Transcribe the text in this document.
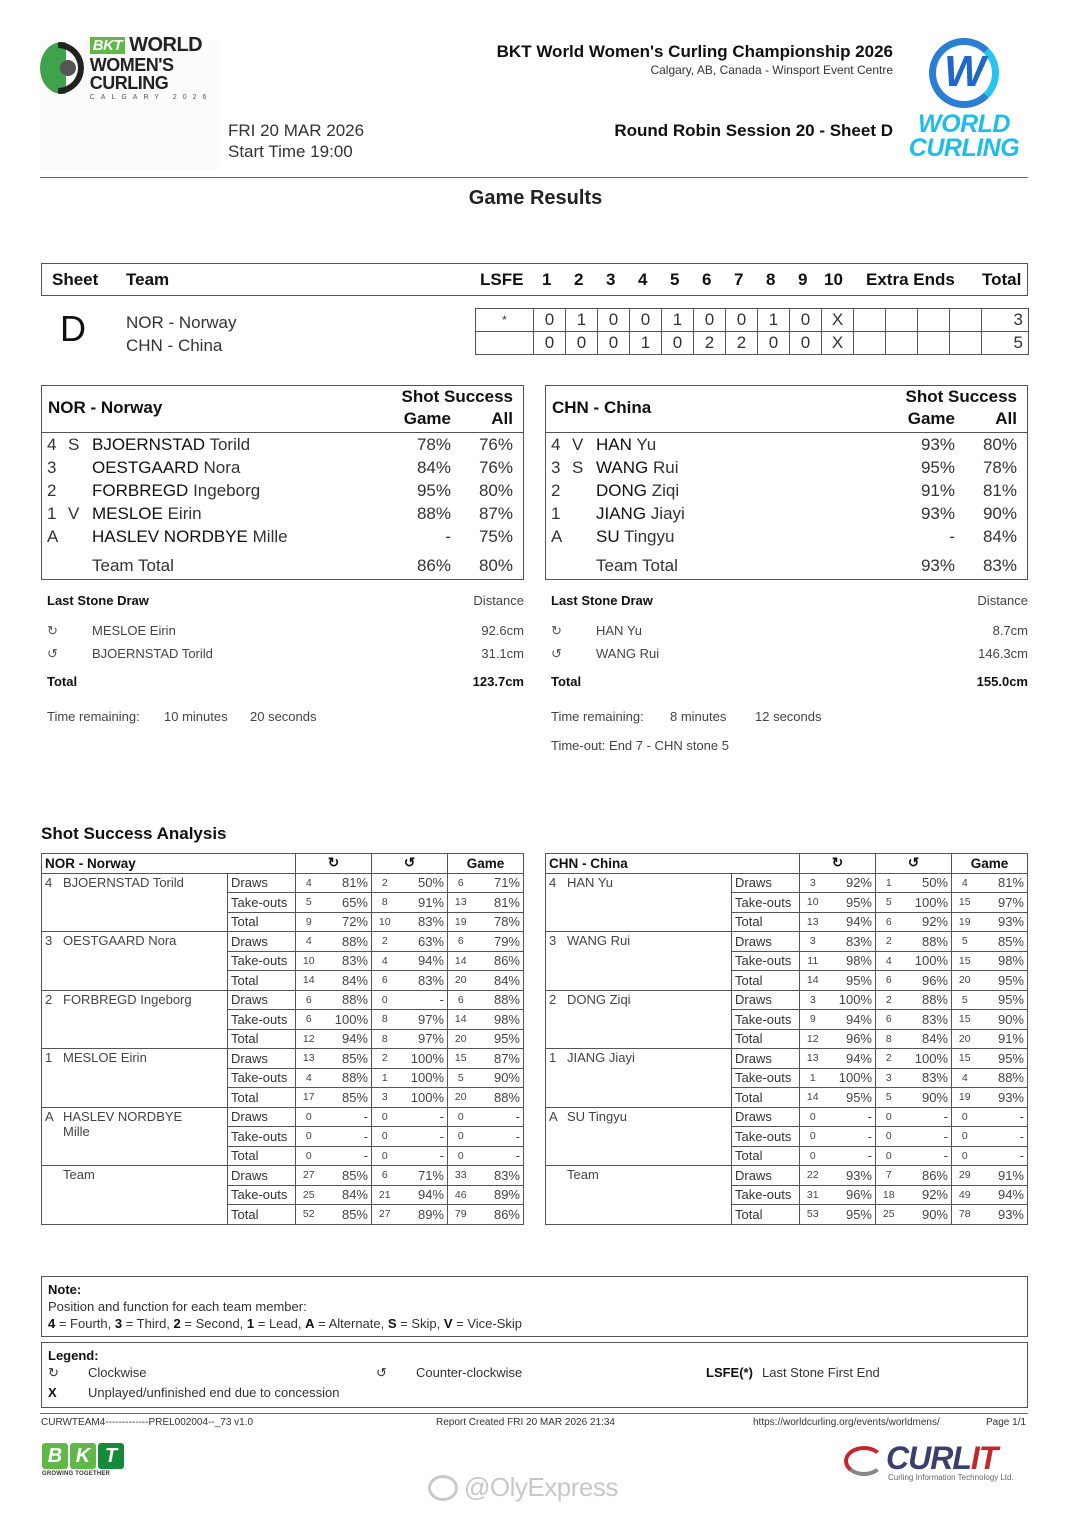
BKT WORLD
WOMEN'S CURLING
CALGARY 2026
FRI 20 MAR 2026
Start Time 19:00
BKT World Women's Curling Championship 2026
Calgary, AB, Canada - Winsport Event Centre
Round Robin Session 20 - Sheet D
W WORLD
CURLING
Game Results
Sheet Team	LSFE 1 2 3 4 5 6 7 8 9 10 Extra Ends Total
D NOR - Norway
CHN - China
*	0	1	0	0	1	0	0	1	0	X					3
	0	0	0	1	0	2	2	0	0	X					5
NOR - Norway
Shot Success
Game All
4 S BJOERNSTAD Torild	78% 76%
3 OESTGAARD Nora	84% 76%
2 FORBREGD Ingeborg	95% 80%
1 V MESLOE Eirin	88% 87%
A HASLEV NORDBYE Mille	- 75%
Team Total	86% 80%
Last Stone Draw	Distance
↻	MESLOE Eirin	92.6cm
↺	BJOERNSTAD Torild	31.1cm
Total	123.7cm
Time remaining: 10 minutes 20 seconds
CHN - China
Shot Success
Game All
4 V HAN Yu	93% 80%
3 S WANG Rui	95% 78%
2 DONG Ziqi	91% 81%
1 JIANG Jiayi	93% 90%
A SU Tingyu	- 84%
Team Total	93% 83%
Last Stone Draw	Distance
↻	HAN Yu	8.7cm
↺	WANG Rui	146.3cm
Total	155.0cm
Time remaining: 8 minutes 12 seconds
Time-out: End 7 - CHN stone 5
Shot Success Analysis
NOR - Norway		↻		↺		Game	
4 BJOERNSTAD Torild	Draws	4	81%	2	50%	6	71%
	Take-outs	5	65%	8	91%	13	81%
	Total	9	72%	10	83%	19	78%
3 OESTGAARD Nora	Draws	4	88%	2	63%	6	79%
	Take-outs	10	83%	4	94%	14	86%
	Total	14	84%	6	83%	20	84%
2 FORBREGD Ingeborg	Draws	6	88%	0	-	6	88%
	Take-outs	6	100%	8	97%	14	98%
	Total	12	94%	8	97%	20	95%
1 MESLOE Eirin	Draws	13	85%	2	100%	15	87%
	Take-outs	4	88%	1	100%	5	90%
	Total	17	85%	3	100%	20	88%
A HASLEV NORDBYE
Mille	Draws	0	-	0	-	0	-
	Take-outs	0	-	0	-	0	-
	Total	0	-	0	-	0	-
Team	Draws	27	85%	6	71%	33	83%
	Take-outs	25	84%	21	94%	46	89%
	Total	52	85%	27	89%	79	86%
CHN - China		↻		↺		Game	
4 HAN Yu	Draws	3	92%	1	50%	4	81%
	Take-outs	10	95%	5	100%	15	97%
	Total	13	94%	6	92%	19	93%
3 WANG Rui	Draws	3	83%	2	88%	5	85%
	Take-outs	11	98%	4	100%	15	98%
	Total	14	95%	6	96%	20	95%
2 DONG Ziqi	Draws	3	100%	2	88%	5	95%
	Take-outs	9	94%	6	83%	15	90%
	Total	12	96%	8	84%	20	91%
1 JIANG Jiayi	Draws	13	94%	2	100%	15	95%
	Take-outs	1	100%	3	83%	4	88%
	Total	14	95%	5	90%	19	93%
A SU Tingyu	Draws	0	-	0	-	0	-
	Take-outs	0	-	0	-	0	-
	Total	0	-	0	-	0	-
Team	Draws	22	93%	7	86%	29	91%
	Take-outs	31	96%	18	92%	49	94%
	Total	53	95%	25	90%	78	93%
Note:
Position and function for each team member:
4 = Fourth, 3 = Third, 2 = Second, 1 = Lead, A = Alternate, S = Skip, V = Vice-Skip
Legend:
↻ Clockwise	↺ Counter-clockwise	LSFE(*) Last Stone First End
X Unplayed/unfinished end due to concession
CURWTEAM4-------------PREL002004--_73 v1.0	Report Created FRI 20 MAR 2026 21:34	https://worldcurling.org/events/worldmens/	Page 1/1
B K T
GROWING TOGETHER	@OlyExpress
CURLIT
Curling Information Technology Ltd.
